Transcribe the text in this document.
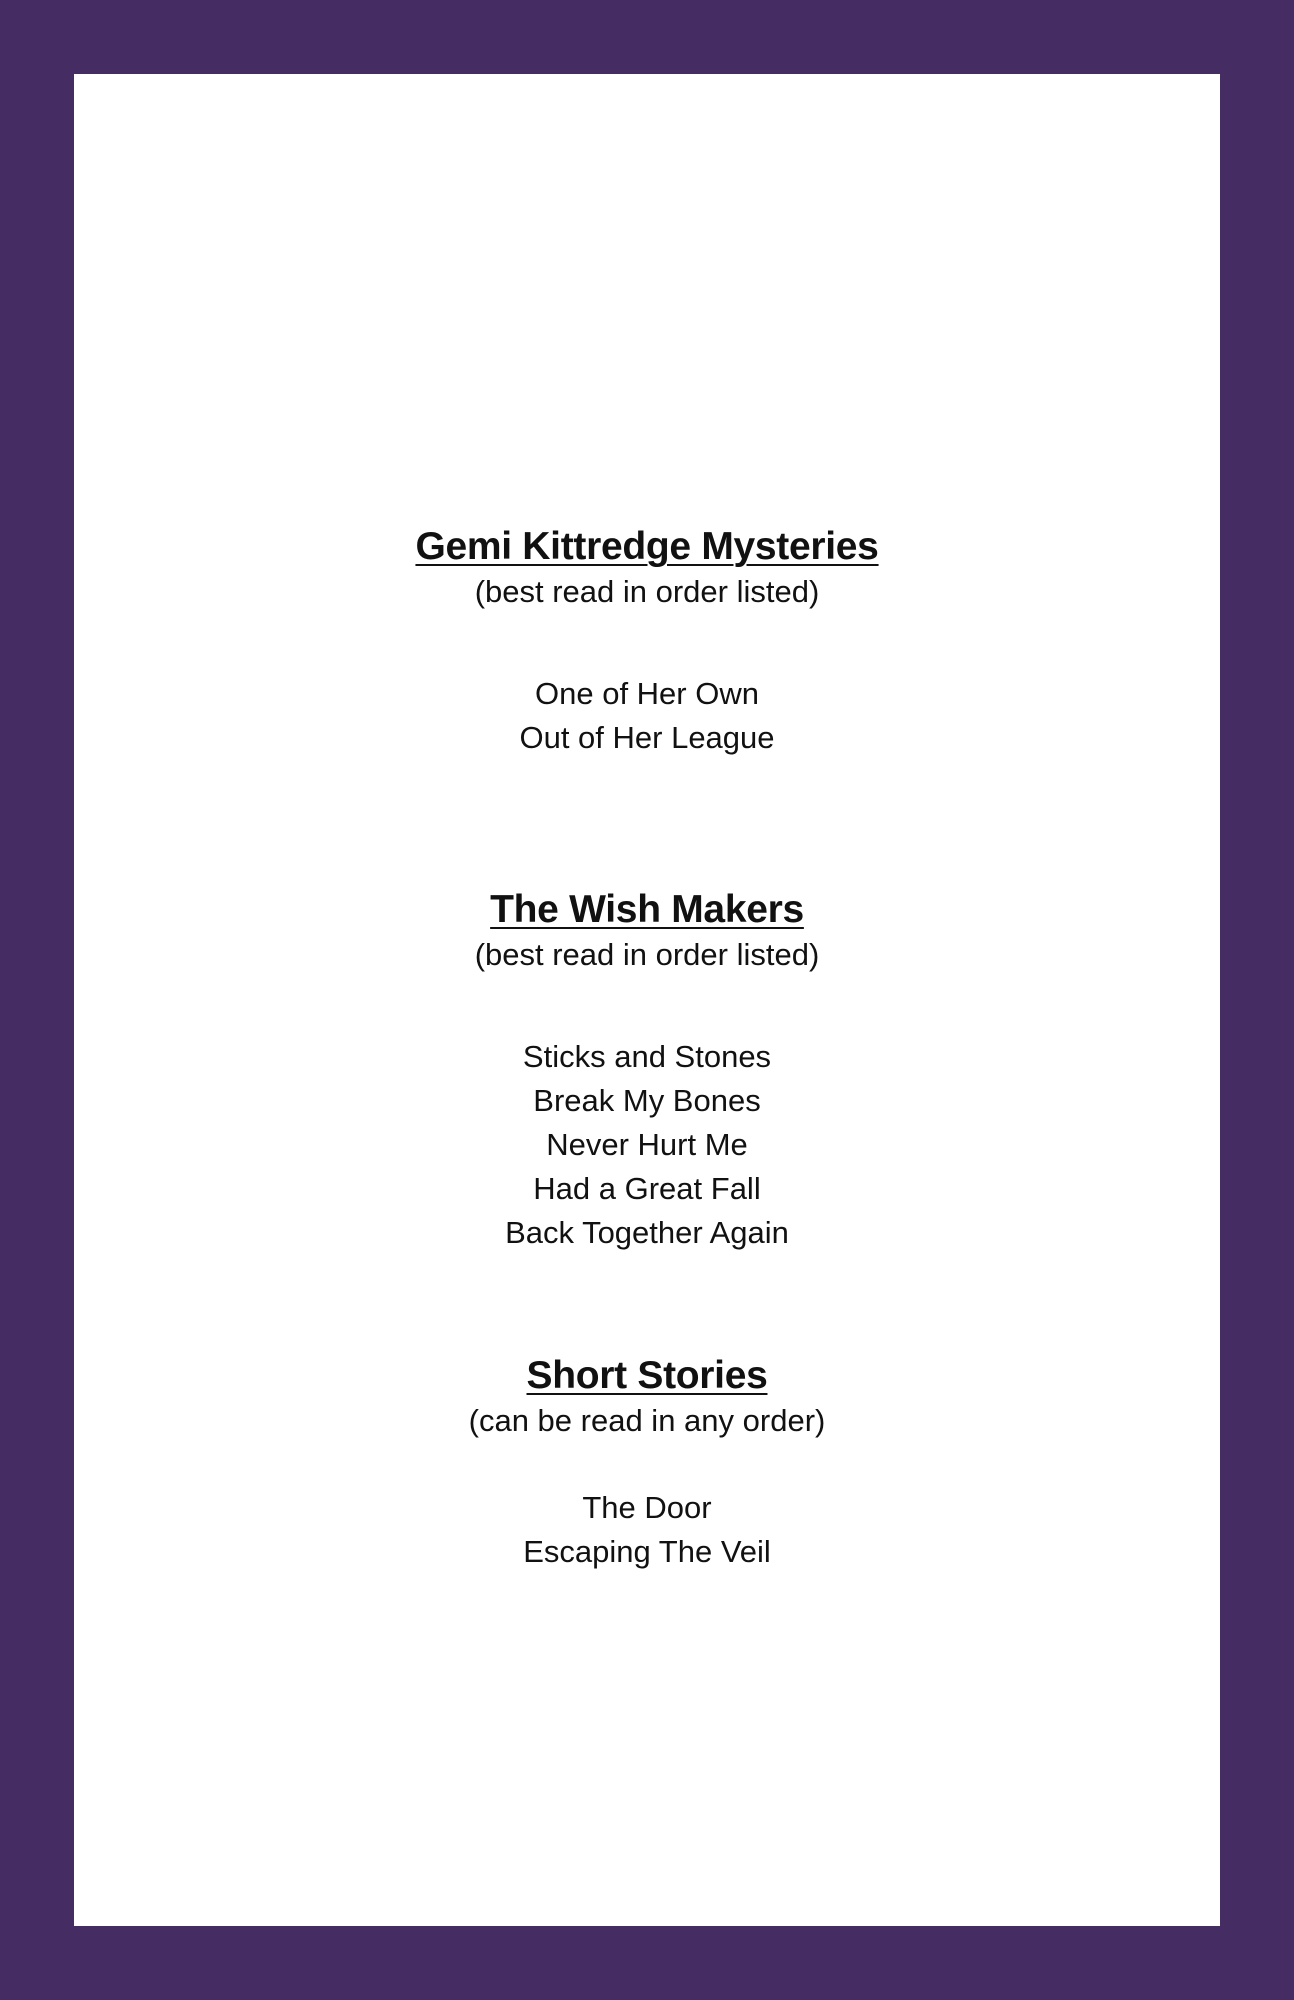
Gemi Kittredge Mysteries

(best read in order listed)

One of Her Own
Out of Her League
The Wish Makers

(best read in order listed)

Sticks and Stones
Break My Bones
Never Hurt Me
Had a Great Fall
Back Together Again
Short Stories

(can be read in any order)

The Door
Escaping The Veil
